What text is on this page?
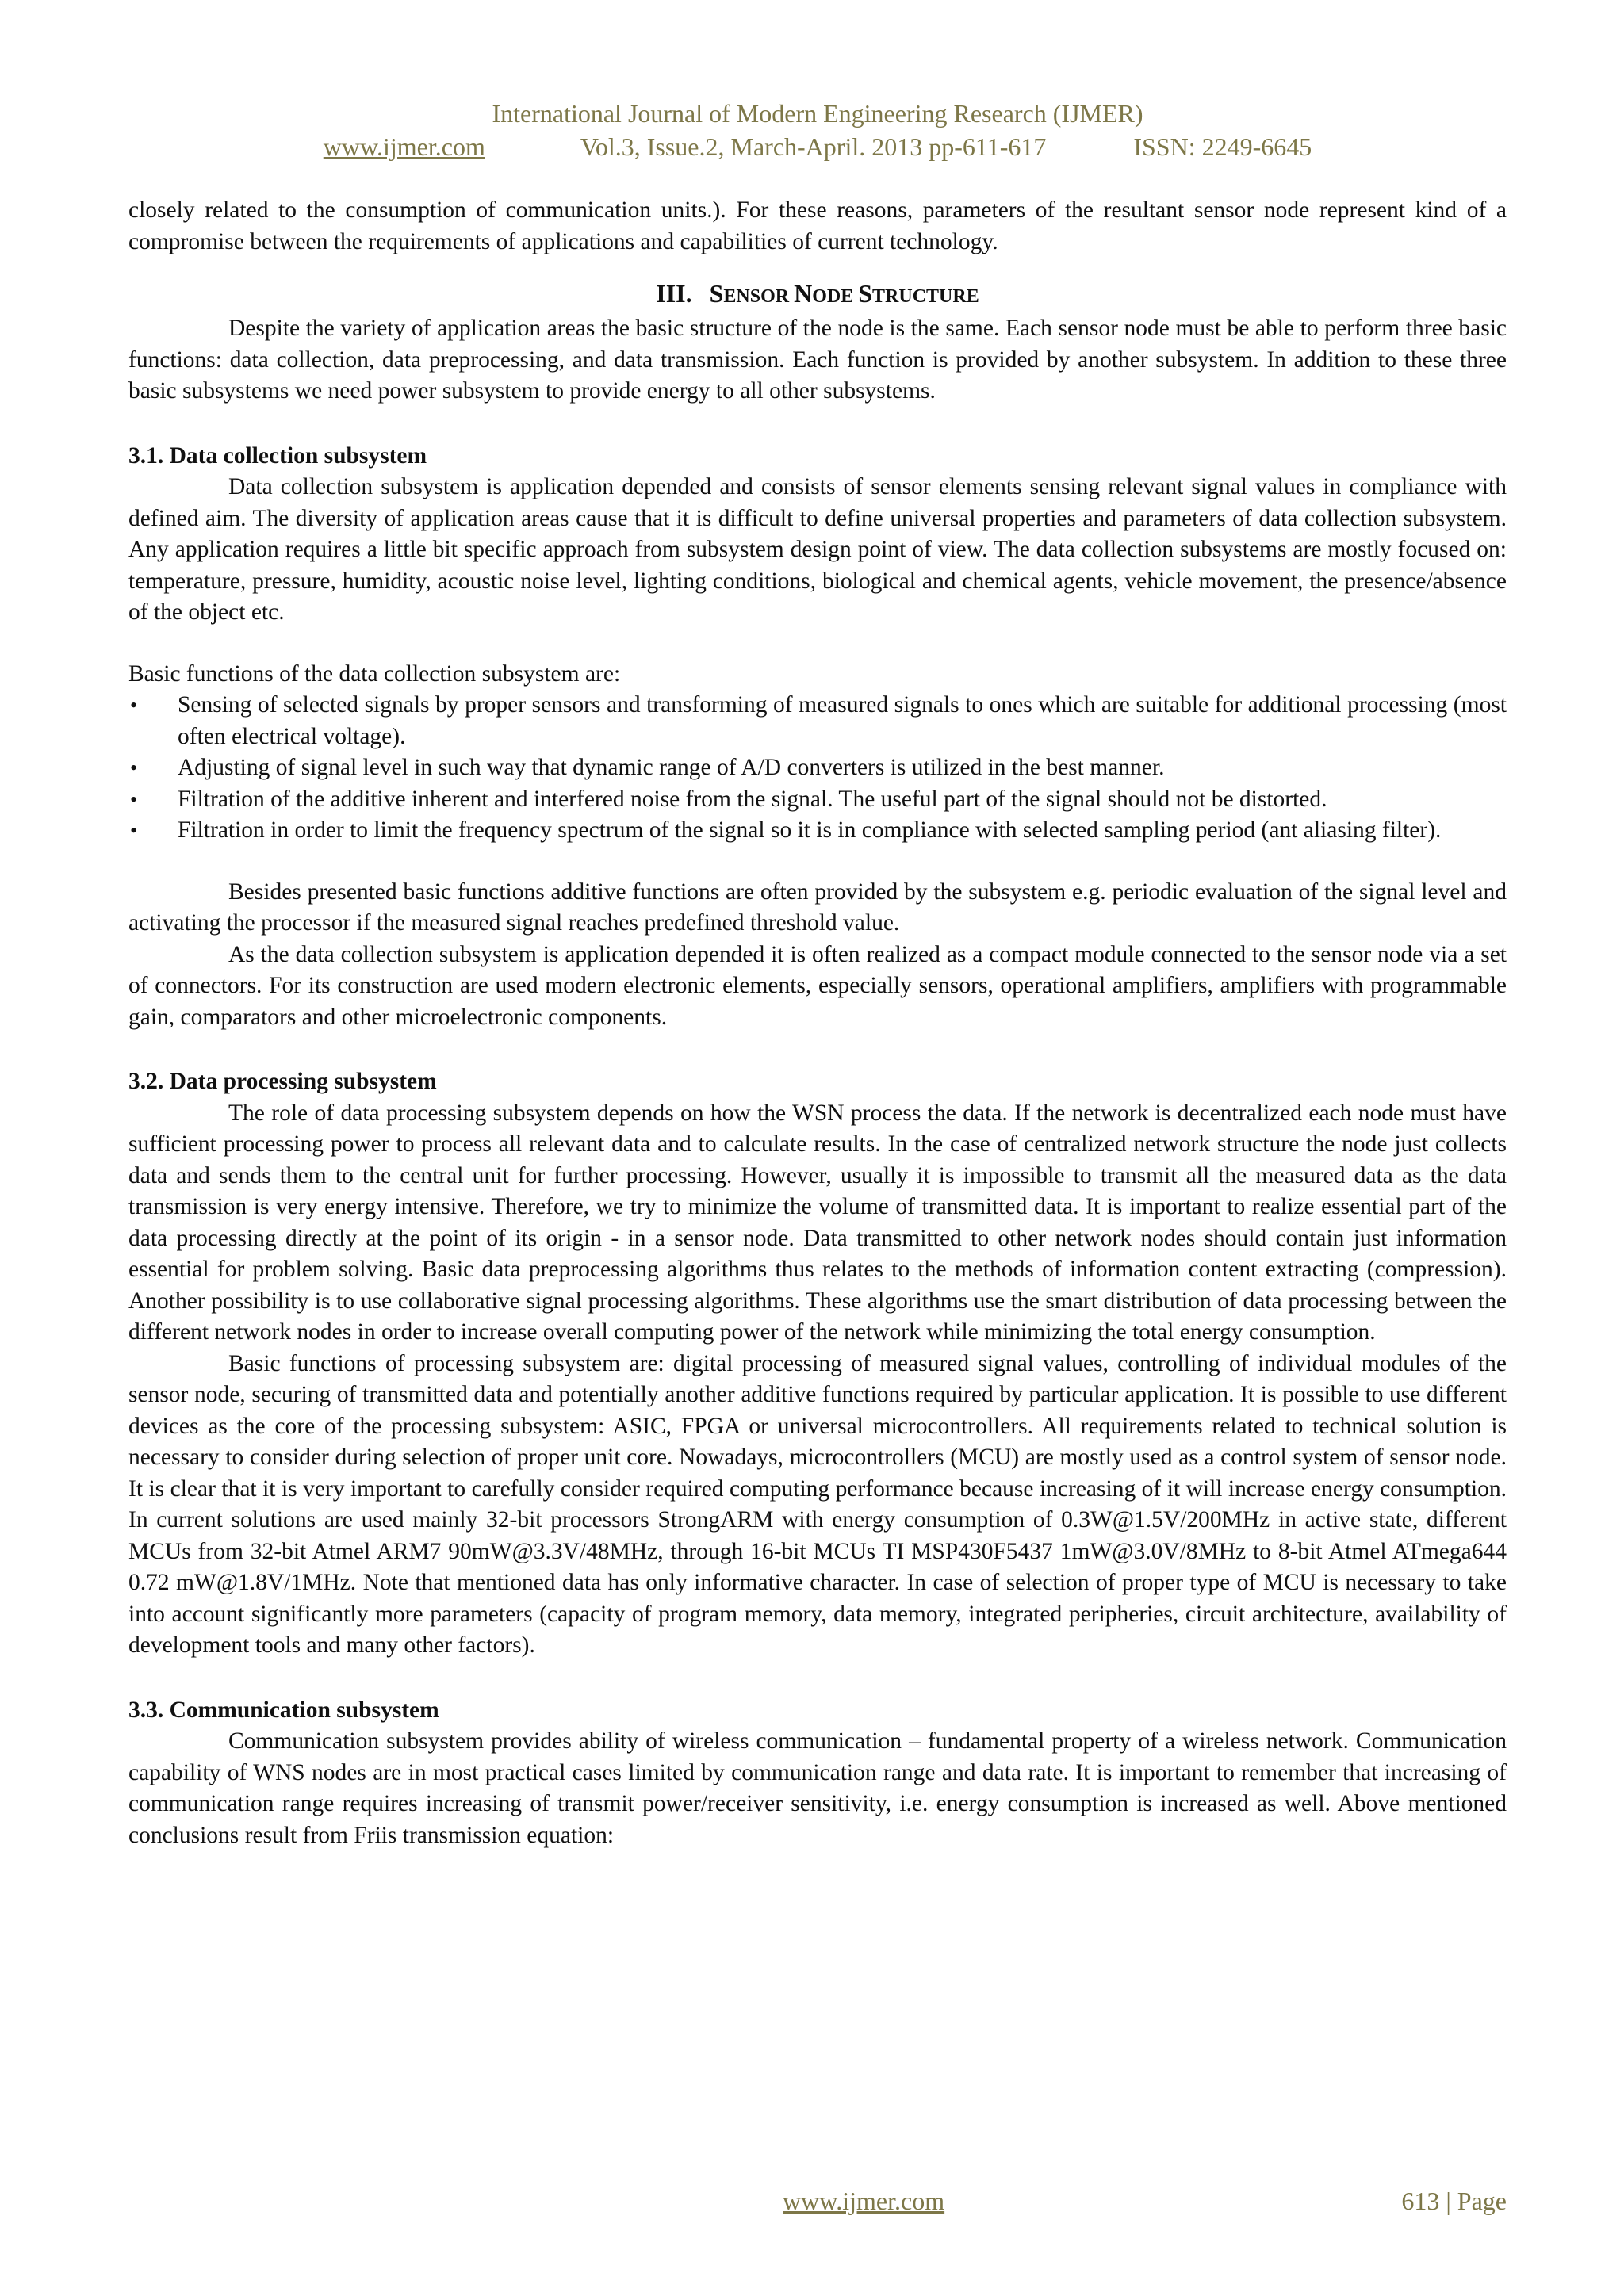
International Journal of Modern Engineering Research (IJMER)
www.ijmer.com	Vol.3, Issue.2, March-April. 2013 pp-611-617	ISSN: 2249-6645

closely related to the consumption of communication units.). For these reasons, parameters of the resultant sensor node represent kind of a compromise between the requirements of applications and capabilities of current technology.

III. SENSOR NODE STRUCTURE

Despite the variety of application areas the basic structure of the node is the same. Each sensor node must be able to perform three basic functions: data collection, data preprocessing, and data transmission. Each function is provided by another subsystem. In addition to these three basic subsystems we need power subsystem to provide energy to all other subsystems.

3.1. Data collection subsystem

Data collection subsystem is application depended and consists of sensor elements sensing relevant signal values in compliance with defined aim. The diversity of application areas cause that it is difficult to define universal properties and parameters of data collection subsystem. Any application requires a little bit specific approach from subsystem design point of view. The data collection subsystems are mostly focused on: temperature, pressure, humidity, acoustic noise level, lighting conditions, biological and chemical agents, vehicle movement, the presence/absence of the object etc.

Basic functions of the data collection subsystem are:

• Sensing of selected signals by proper sensors and transforming of measured signals to ones which are suitable for additional processing (most often electrical voltage).
• Adjusting of signal level in such way that dynamic range of A/D converters is utilized in the best manner.
• Filtration of the additive inherent and interfered noise from the signal. The useful part of the signal should not be distorted.
• Filtration in order to limit the frequency spectrum of the signal so it is in compliance with selected sampling period (ant aliasing filter).

Besides presented basic functions additive functions are often provided by the subsystem e.g. periodic evaluation of the signal level and activating the processor if the measured signal reaches predefined threshold value.

As the data collection subsystem is application depended it is often realized as a compact module connected to the sensor node via a set of connectors. For its construction are used modern electronic elements, especially sensors, operational amplifiers, amplifiers with programmable gain, comparators and other microelectronic components.

3.2. Data processing subsystem

The role of data processing subsystem depends on how the WSN process the data. If the network is decentralized each node must have sufficient processing power to process all relevant data and to calculate results. In the case of centralized network structure the node just collects data and sends them to the central unit for further processing. However, usually it is impossible to transmit all the measured data as the data transmission is very energy intensive. Therefore, we try to minimize the volume of transmitted data. It is important to realize essential part of the data processing directly at the point of its origin - in a sensor node. Data transmitted to other network nodes should contain just information essential for problem solving. Basic data preprocessing algorithms thus relates to the methods of information content extracting (compression). Another possibility is to use collaborative signal processing algorithms. These algorithms use the smart distribution of data processing between the different network nodes in order to increase overall computing power of the network while minimizing the total energy consumption.

Basic functions of processing subsystem are: digital processing of measured signal values, controlling of individual modules of the sensor node, securing of transmitted data and potentially another additive functions required by particular application. It is possible to use different devices as the core of the processing subsystem: ASIC, FPGA or universal microcontrollers. All requirements related to technical solution is necessary to consider during selection of proper unit core. Nowadays, microcontrollers (MCU) are mostly used as a control system of sensor node. It is clear that it is very important to carefully consider required computing performance because increasing of it will increase energy consumption. In current solutions are used mainly 32-bit processors StrongARM with energy consumption of 0.3W@1.5V/200MHz in active state, different MCUs from 32-bit Atmel ARM7 90mW@3.3V/48MHz, through 16-bit MCUs TI MSP430F5437 1mW@3.0V/8MHz to 8-bit Atmel ATmega644 0.72 mW@1.8V/1MHz. Note that mentioned data has only informative character. In case of selection of proper type of MCU is necessary to take into account significantly more parameters (capacity of program memory, data memory, integrated peripheries, circuit architecture, availability of development tools and many other factors).

3.3. Communication subsystem

Communication subsystem provides ability of wireless communication – fundamental property of a wireless network. Communication capability of WNS nodes are in most practical cases limited by communication range and data rate. It is important to remember that increasing of communication range requires increasing of transmit power/receiver sensitivity, i.e. energy consumption is increased as well. Above mentioned conclusions result from Friis transmission equation:

www.ijmer.com	613 | Page
